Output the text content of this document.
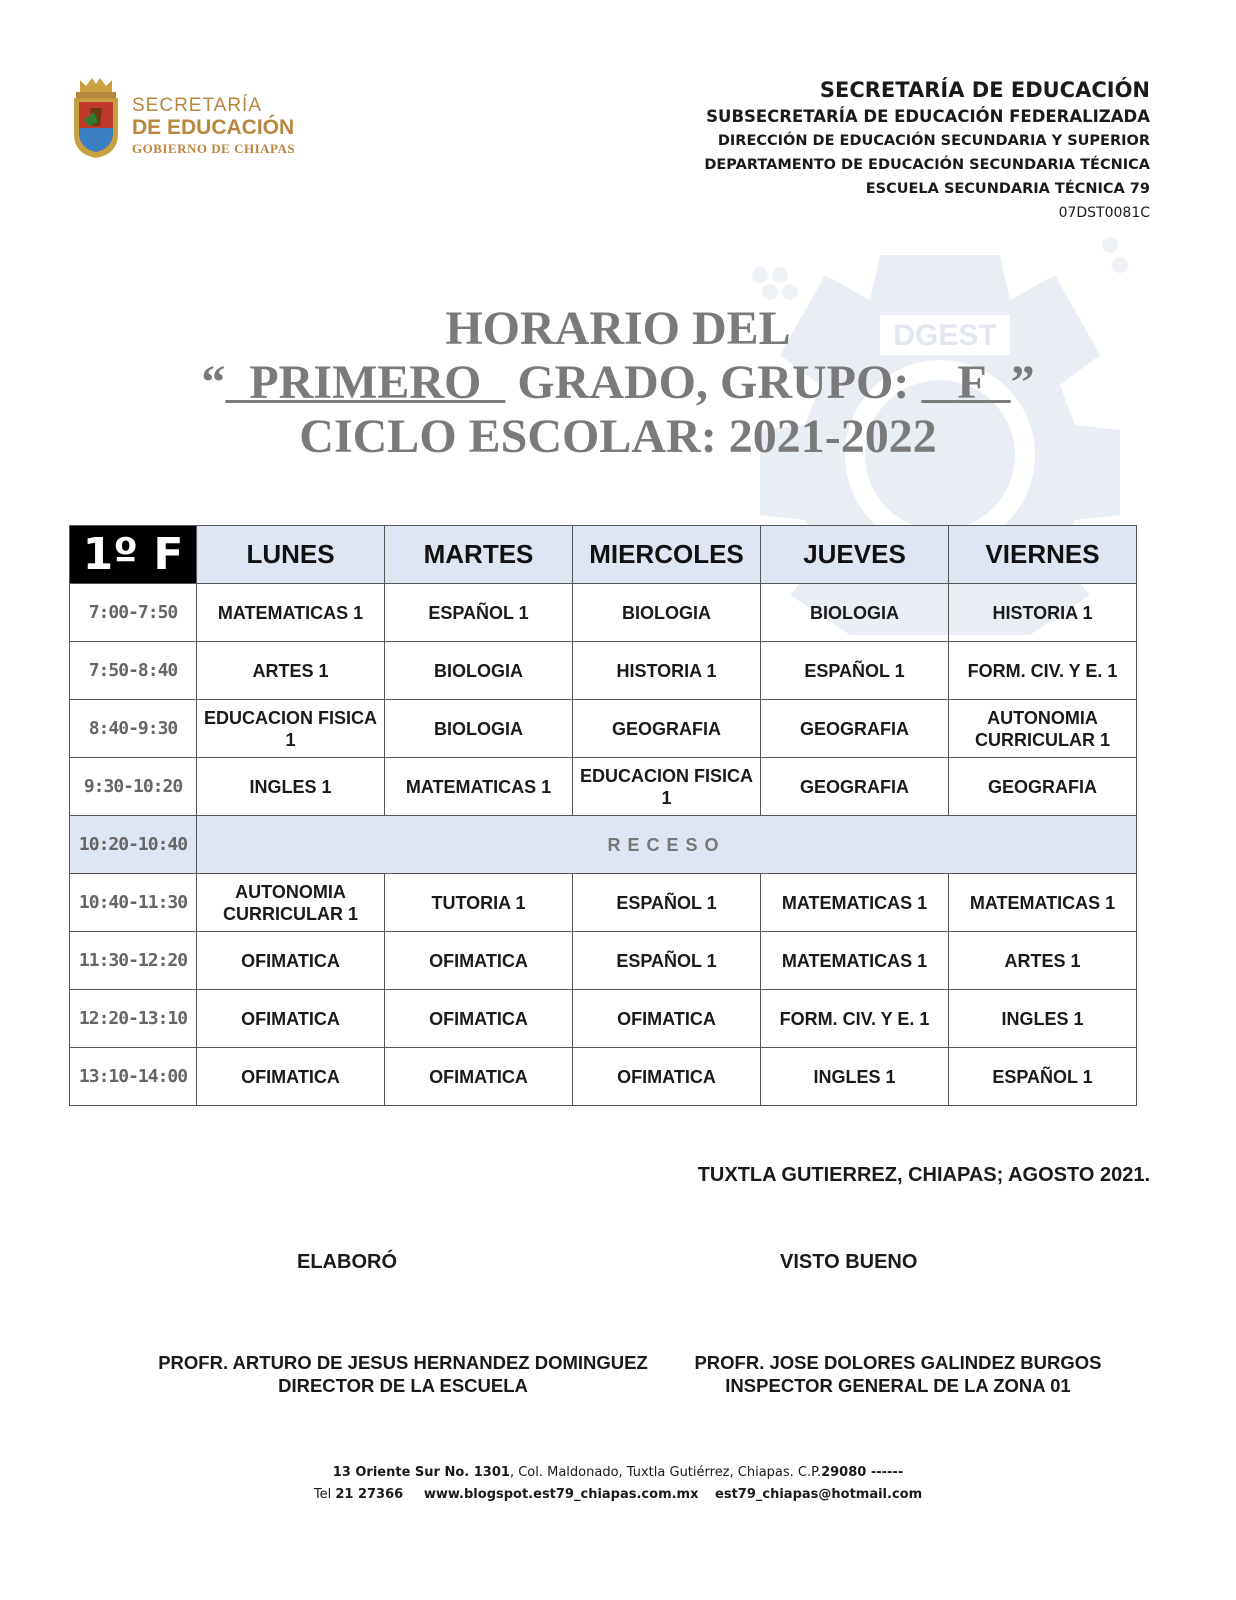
DGEST
SECRETARÍA
DE EDUCACIÓN
GOBIERNO DE CHIAPAS
SECRETARÍA DE EDUCACIÓN
SUBSECRETARÍA DE EDUCACIÓN FEDERALIZADA
DIRECCIÓN DE EDUCACIÓN SECUNDARIA Y SUPERIOR
DEPARTAMENTO DE EDUCACIÓN SECUNDARIA TÉCNICA
ESCUELA SECUNDARIA TÉCNICA 79
07DST0081C
HORARIO DEL
“ PRIMERO GRADO, GRUPO: F ”
CICLO ESCOLAR: 2021-2022
1º F	LUNES	MARTES	MIERCOLES	JUEVES	VIERNES
7:00-7:50	MATEMATICAS 1	ESPAÑOL 1	BIOLOGIA	BIOLOGIA	HISTORIA 1
7:50-8:40	ARTES 1	BIOLOGIA	HISTORIA 1	ESPAÑOL 1	FORM. CIV. Y E. 1
8:40-9:30	EDUCACION FISICA 1	BIOLOGIA	GEOGRAFIA	GEOGRAFIA	AUTONOMIA CURRICULAR 1
9:30-10:20	INGLES 1	MATEMATICAS 1	EDUCACION FISICA 1	GEOGRAFIA	GEOGRAFIA
10:20-10:40	RECESO				
10:40-11:30	AUTONOMIA CURRICULAR 1	TUTORIA 1	ESPAÑOL 1	MATEMATICAS 1	MATEMATICAS 1
11:30-12:20	OFIMATICA	OFIMATICA	ESPAÑOL 1	MATEMATICAS 1	ARTES 1
12:20-13:10	OFIMATICA	OFIMATICA	OFIMATICA	FORM. CIV. Y E. 1	INGLES 1
13:10-14:00	OFIMATICA	OFIMATICA	OFIMATICA	INGLES 1	ESPAÑOL 1
TUXTLA GUTIERREZ, CHIAPAS; AGOSTO 2021.
ELABORÓ	VISTO BUENO
PROFR. ARTURO DE JESUS HERNANDEZ DOMINGUEZ
DIRECTOR DE LA ESCUELA
PROFR. JOSE DOLORES GALINDEZ BURGOS
INSPECTOR GENERAL DE LA ZONA 01
13 Oriente Sur No. 1301, Col. Maldonado, Tuxtla Gutiérrez, Chiapas. C.P.29080 ------
Tel 21 27366 www.blogspot.est79_chiapas.com.mx est79_chiapas@hotmail.com
